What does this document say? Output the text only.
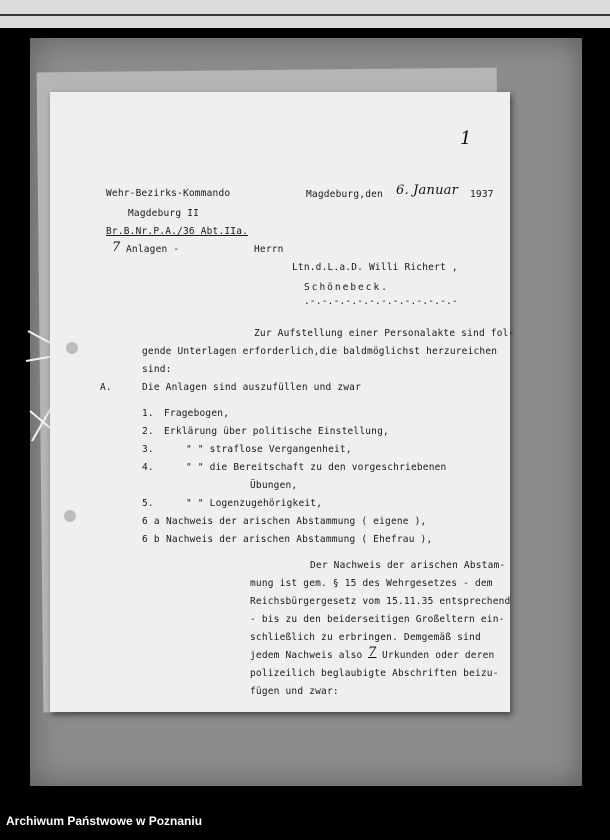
1
Wehr-Bezirks-Kommando
Magdeburg II
Br.B.Nr.P.A./36 Abt.IIa.
7 Anlagen -
Magdeburg,den 6. Januar 1937
Herrn
Ltn.d.L.a.D. Willi Richert ,
Schönebeck.
.-.-.-.-.-.-.-.-.-.-.-.-.-
Zur Aufstellung einer Personalakte sind fol-
gende Unterlagen erforderlich,die baldmöglichst herzureichen
sind:
A.	Die Anlagen sind auszufüllen und zwar
1. Fragebogen,
2. Erklärung über politische Einstellung,
3.	" " straflose Vergangenheit,
4.	" " die Bereitschaft zu den vorgeschriebenen
Übungen,
5.	" " Logenzugehörigkeit,
6 a Nachweis der arischen Abstammung ( eigene ),
6 b Nachweis der arischen Abstammung ( Ehefrau ),
Der Nachweis der arischen Abstam-
mung ist gem. § 15 des Wehrgesetzes - dem
Reichsbürgergesetz vom 15.11.35 entsprechend
- bis zu den beiderseitigen Großeltern ein-
schließlich zu erbringen. Demgemäß sind
jedem Nachweis also 7 Urkunden oder deren
polizeilich beglaubigte Abschriften beizu-
fügen und zwar:
Archiwum Państwowe w Poznaniu
